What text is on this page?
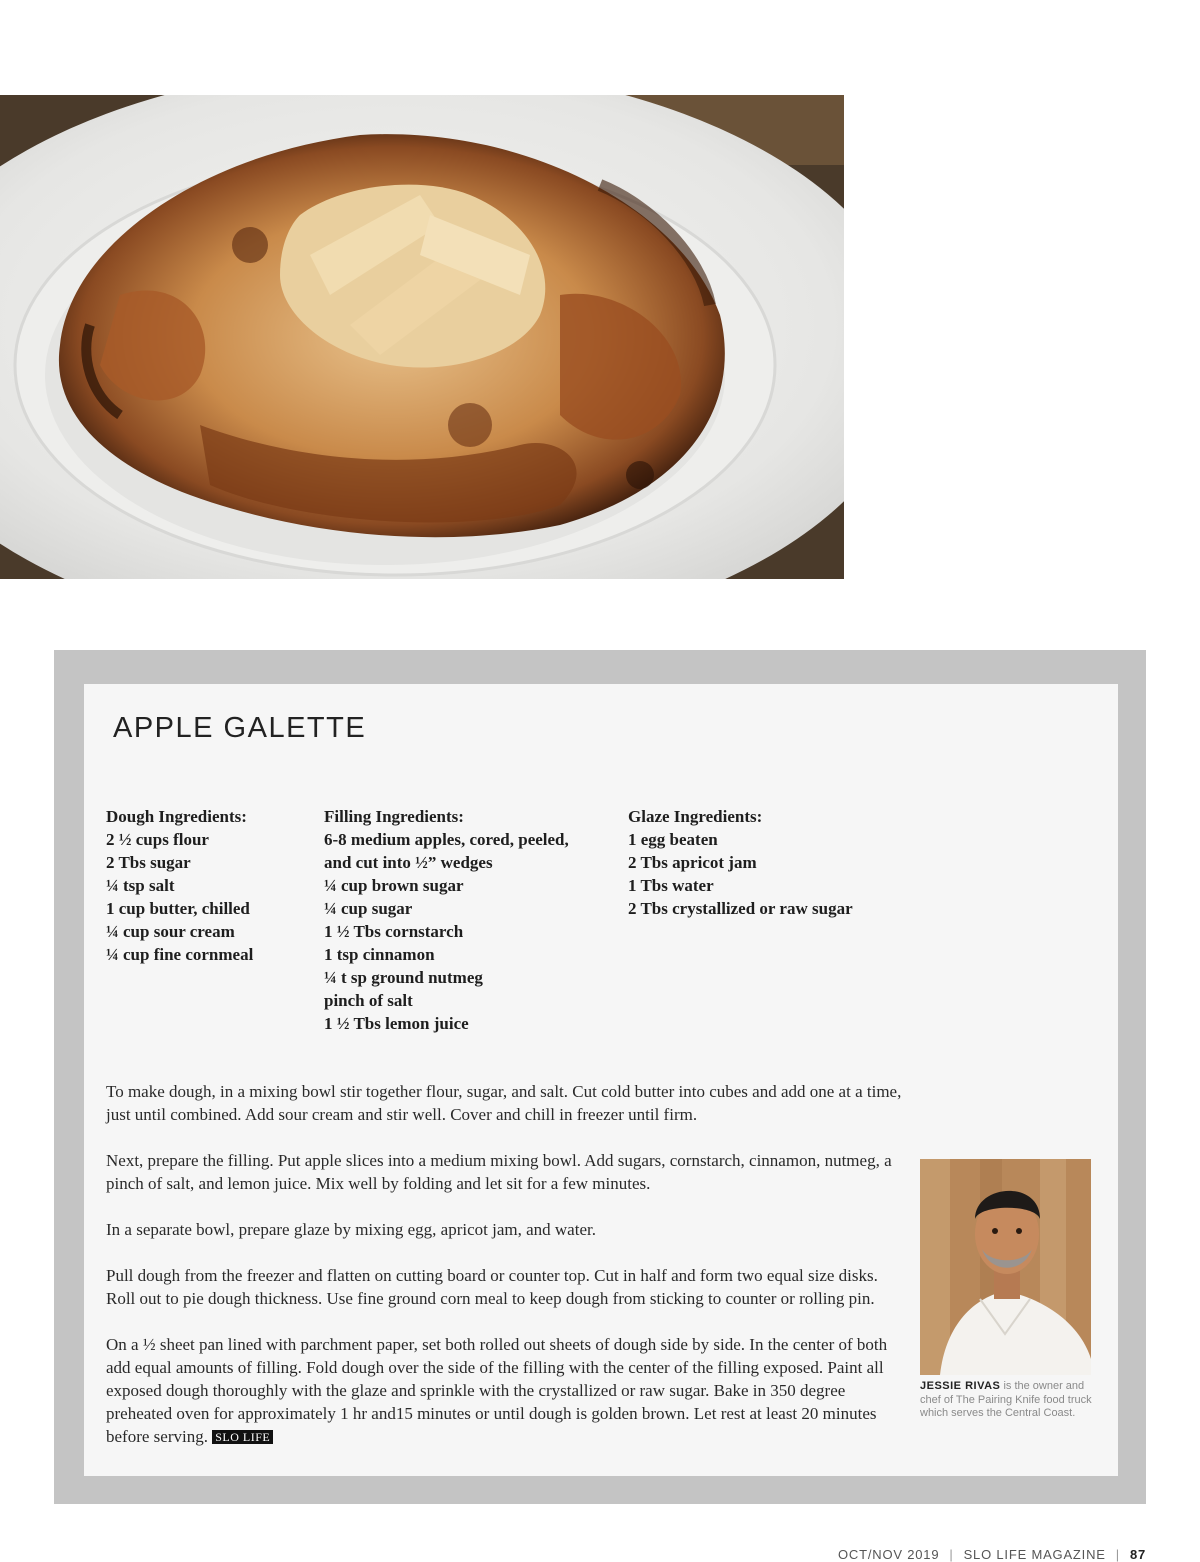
APPLE GALETTE
Dough Ingredients:
2 ½ cups flour
2 Tbs sugar
¼ tsp salt
1 cup butter, chilled
¼ cup sour cream
¼ cup fine cornmeal
Filling Ingredients:
6-8 medium apples, cored, peeled,
and cut into ½” wedges
¼ cup brown sugar
¼ cup sugar
1 ½ Tbs cornstarch
1 tsp cinnamon
¼ t sp ground nutmeg
pinch of salt
1 ½ Tbs lemon juice
Glaze Ingredients:
1 egg beaten
2 Tbs apricot jam
1 Tbs water
2 Tbs crystallized or raw sugar

To make dough, in a mixing bowl stir together flour, sugar, and salt. Cut cold butter into cubes and add one at a time, just until combined. Add sour cream and stir well. Cover and chill in freezer until firm.

Next, prepare the filling. Put apple slices into a medium mixing bowl. Add sugars, cornstarch, cinnamon, nutmeg, a pinch of salt, and lemon juice. Mix well by folding and let sit for a few minutes.

In a separate bowl, prepare glaze by mixing egg, apricot jam, and water.

Pull dough from the freezer and flatten on cutting board or counter top. Cut in half and form two equal size disks. Roll out to pie dough thickness. Use fine ground corn meal to keep dough from sticking to counter or rolling pin.

On a ½ sheet pan lined with parchment paper, set both rolled out sheets of dough side by side. In the center of both add equal amounts of filling. Fold dough over the side of the filling with the center of the filling exposed. Paint all exposed dough thoroughly with the glaze and sprinkle with the crystallized or raw sugar. Bake in 350 degree preheated oven for approximately 1 hr and15 minutes or until dough is golden brown. Let rest at least 20 minutes before serving. SLO LIFE

JESSIE RIVAS is the owner and chef of The Pairing Knife food truck which serves the Central Coast.
OCT/NOV 2019 | SLO LIFE MAGAZINE | 87
